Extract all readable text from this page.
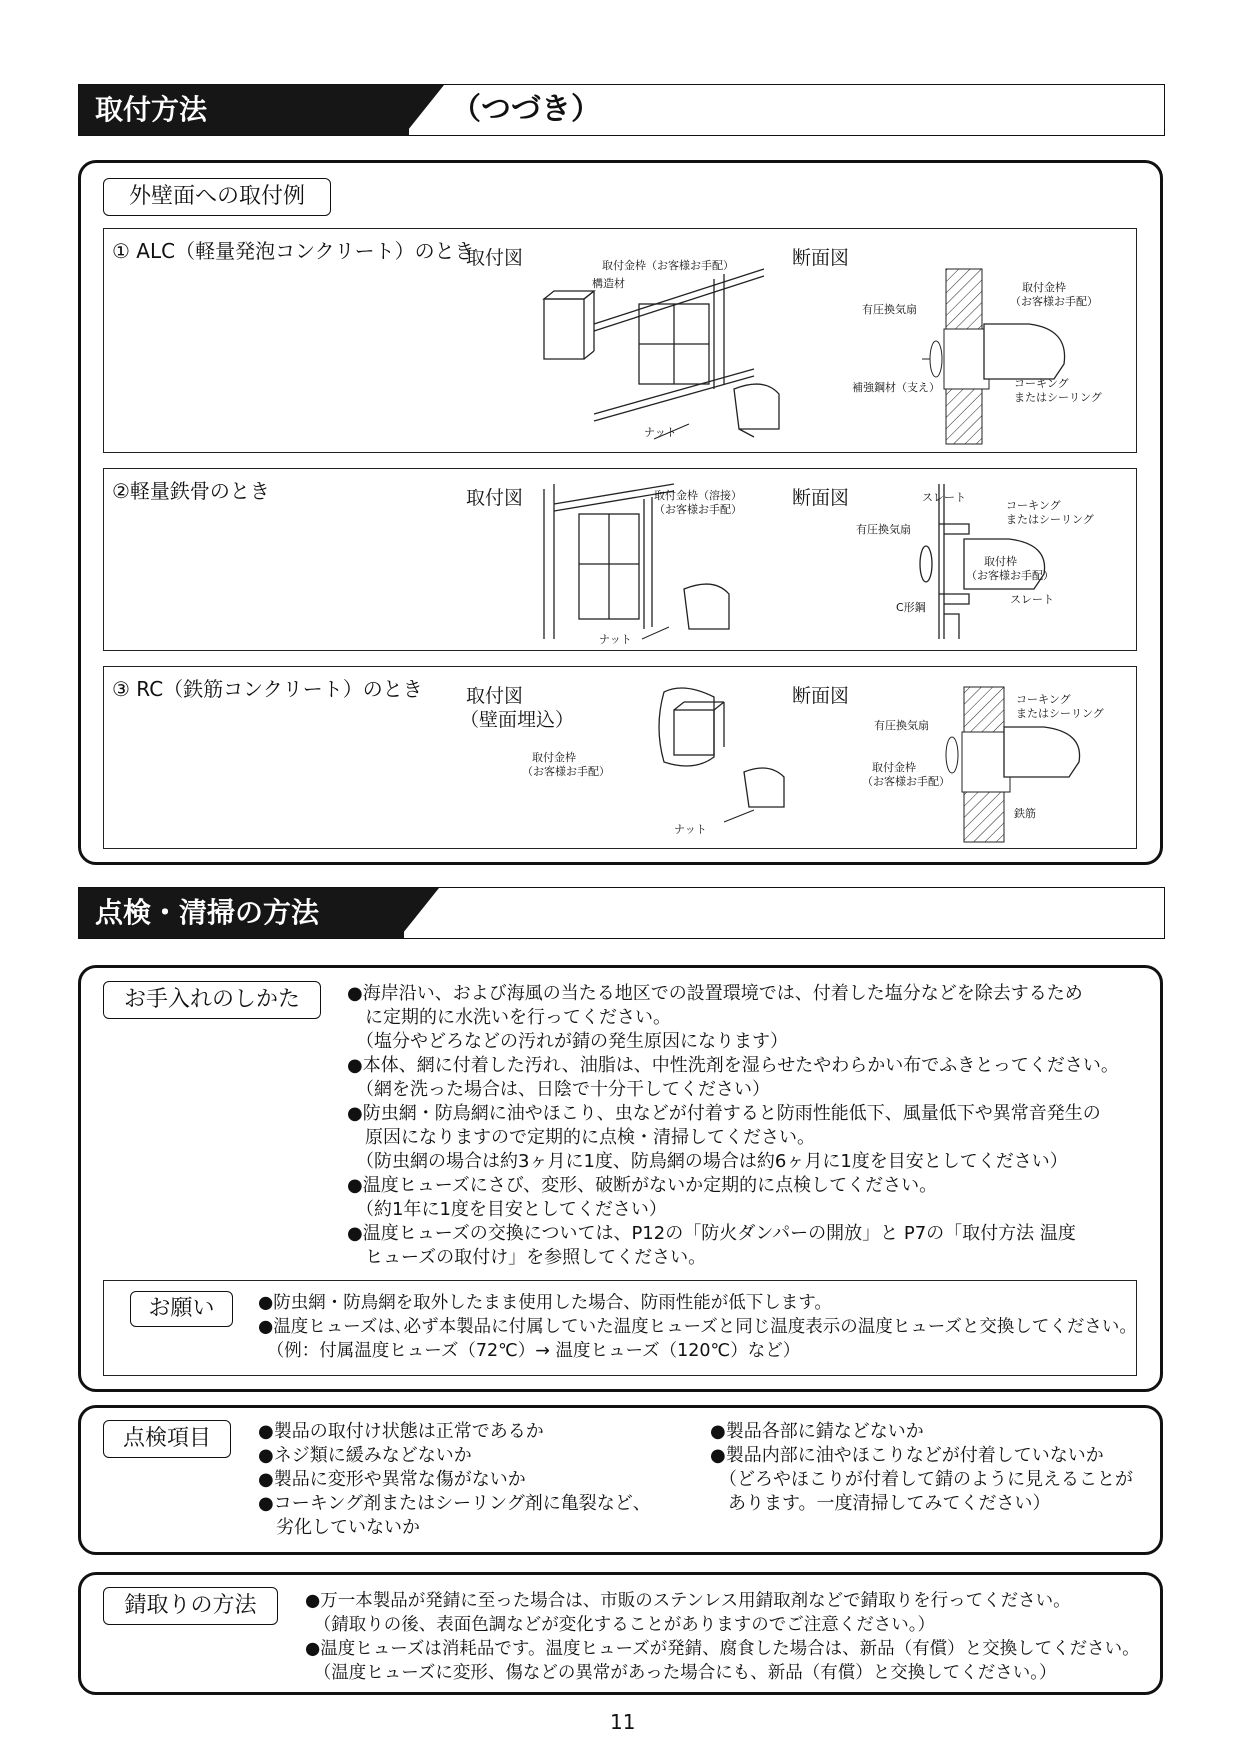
取付方法	（つづき）
外壁面への取付例
① ALC（軽量発泡コンクリート）のとき
取付図	断面図
取付金枠（お客様お手配）
構造材
ナット
取付金枠
（お客様お手配）
有圧換気扇
補強鋼材（支え）	コーキング
またはシーリング
②軽量鉄骨のとき	取付図	断面図
取付金枠（溶接）
（お客様お手配）
ナット
スレート
コーキング
またはシーリング
有圧換気扇
取付枠
（お客様お手配）
スレート
C形鋼
③ RC（鉄筋コンクリート）のとき 取付図
（壁面埋込）
断面図
取付金枠
（お客様お手配）
ナット
コーキング
またはシーリング
有圧換気扇
取付金枠
（お客様お手配）
鉄筋
点検・清掃の方法
お手入れのしかた	●海岸沿い、および海風の当たる地区での設置環境では、付着した塩分などを除去するため
　に定期的に水洗いを行ってください。
　（塩分やどろなどの汚れが錆の発生原因になります）
●本体、網に付着した汚れ、油脂は、中性洗剤を湿らせたやわらかい布でふきとってください。
　（網を洗った場合は、日陰で十分干してください）
●防虫網・防鳥網に油やほこり、虫などが付着すると防雨性能低下、風量低下や異常音発生の
　原因になりますので定期的に点検・清掃してください。
　（防虫網の場合は約3ヶ月に1度、防鳥網の場合は約6ヶ月に1度を目安としてください）
●温度ヒューズにさび、変形、破断がないか定期的に点検してください。
　（約1年に1度を目安としてください）
●温度ヒューズの交換については、P12の「防火ダンパーの開放」と P7の「取付方法 温度
　ヒューズの取付け」を参照してください。
お願い	●防虫網・防鳥網を取外したまま使用した場合、防雨性能が低下します。
●温度ヒューズは､必ず本製品に付属していた温度ヒューズと同じ温度表示の温度ヒューズと交換してください。
　（例：付属温度ヒューズ（72℃）→ 温度ヒューズ（120℃）など）
点検項目	●製品の取付け状態は正常であるか
●ネジ類に緩みなどないか
●製品に変形や異常な傷がないか
●コーキング剤またはシーリング剤に亀裂など、
　劣化していないか
●製品各部に錆などないか
●製品内部に油やほこりなどが付着していないか
　（どろやほこりが付着して錆のように見えることが
　あります。一度清掃してみてください）
錆取りの方法	●万一本製品が発錆に至った場合は、市販のステンレス用錆取剤などで錆取りを行ってください。
　（錆取りの後、表面色調などが変化することがありますのでご注意ください。）
●温度ヒューズは消耗品です。温度ヒューズが発錆、腐食した場合は、新品（有償）と交換してください。
　（温度ヒューズに変形、傷などの異常があった場合にも、新品（有償）と交換してください。）
11
